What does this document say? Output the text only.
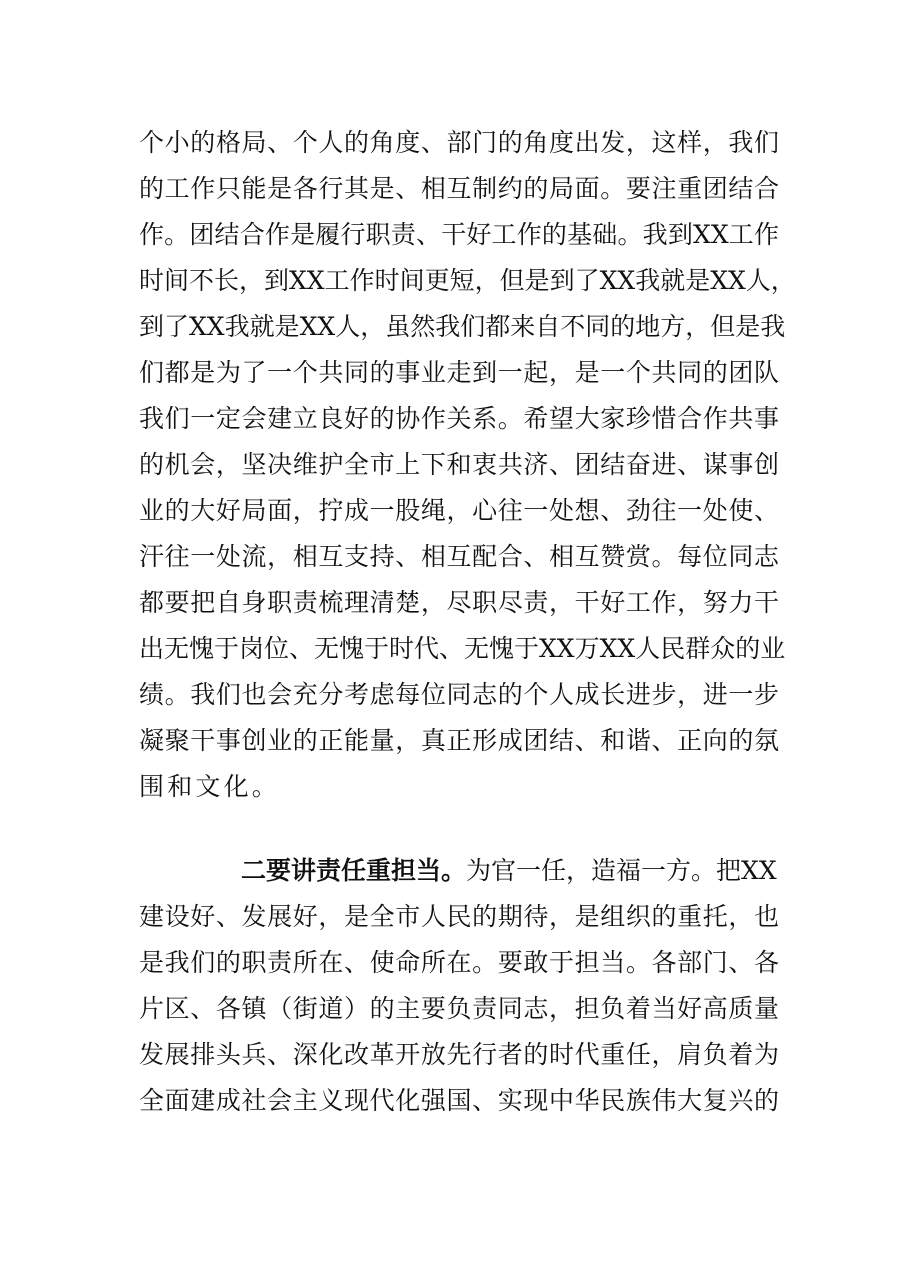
个小的格局、个人的角度、部门的角度出发，这样，我们
的工作只能是各行其是、相互制约的局面。要注重团结合
作。团结合作是履行职责、干好工作的基础。我到XX工作
时间不长，到XX工作时间更短，但是到了XX我就是XX人，
到了XX我就是XX人，虽然我们都来自不同的地方，但是我
们都是为了一个共同的事业走到一起，是一个共同的团队
我们一定会建立良好的协作关系。希望大家珍惜合作共事
的机会，坚决维护全市上下和衷共济、团结奋进、谋事创
业的大好局面，拧成一股绳，心往一处想、劲往一处使、
汗往一处流，相互支持、相互配合、相互赞赏。每位同志
都要把自身职责梳理清楚，尽职尽责，干好工作，努力干
出无愧于岗位、无愧于时代、无愧于XX万XX人民群众的业
绩。我们也会充分考虑每位同志的个人成长进步，进一步
凝聚干事创业的正能量，真正形成团结、和谐、正向的氛
围和文化。
二要讲责任重担当。为官一任，造福一方。把XX
建设好、发展好，是全市人民的期待，是组织的重托，也
是我们的职责所在、使命所在。要敢于担当。各部门、各
片区、各镇（街道）的主要负责同志，担负着当好高质量
发展排头兵、深化改革开放先行者的时代重任，肩负着为
全面建成社会主义现代化强国、实现中华民族伟大复兴的
